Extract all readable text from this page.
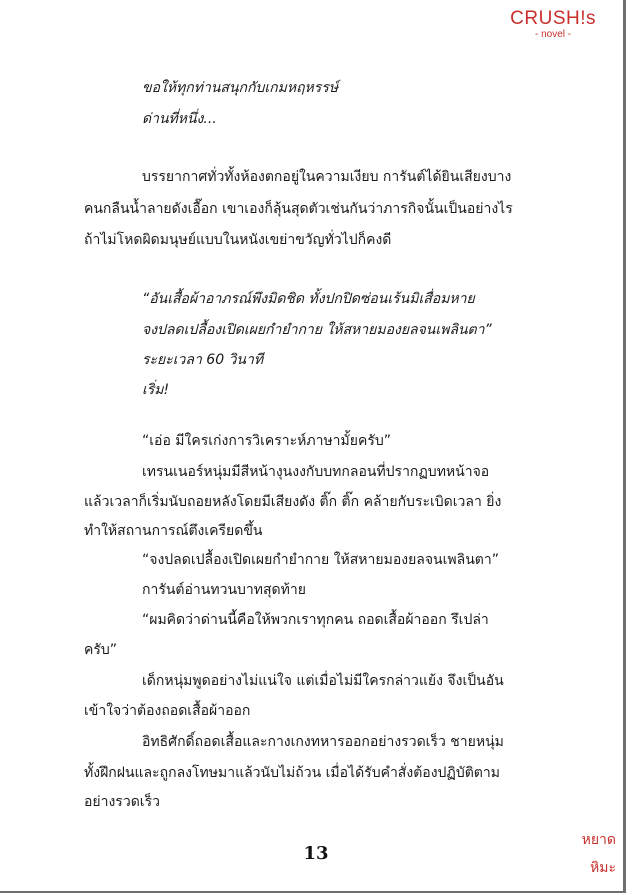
CRUSH!s
- novel -

ขอให้ทุกท่านสนุกกับเกมหฤหรรษ์

ด่านที่หนึ่ง...

บรรยากาศทั่วทั้งห้องตกอยู่ในความเงียบ การันต์ได้ยินเสียงบาง

คนกลืนน้ำลายดังเอื๊อก เขาเองก็ลุ้นสุดตัวเช่นกันว่าภารกิจนั้นเป็นอย่างไร

ถ้าไม่โหดผิดมนุษย์แบบในหนังเขย่าขวัญทั่วไปก็คงดี

“อันเสื้อผ้าอาภรณ์พึงมิดชิด ทั้งปกปิดซ่อนเร้นมิเสื่อมหาย

จงปลดเปลื้องเปิดเผยกำยำกาย ให้สหายมองยลจนเพลินตา”

ระยะเวลา 60 วินาที

เริ่ม!

“เอ่อ มีใครเก่งการวิเคราะห์ภาษามั้ยครับ”

เทรนเนอร์หนุ่มมีสีหน้างุนงงกับบทกลอนที่ปรากฏบทหน้าจอ

แล้วเวลาก็เริ่มนับถอยหลังโดยมีเสียงดัง ติ๊ก ติ๊ก คล้ายกับระเบิดเวลา ยิ่ง

ทำให้สถานการณ์ตึงเครียดขึ้น

“จงปลดเปลื้องเปิดเผยกำยำกาย ให้สหายมองยลจนเพลินตา”

การันต์อ่านทวนบาทสุดท้าย

“ผมคิดว่าด่านนี้คือให้พวกเราทุกคน ถอดเสื้อผ้าออก รึเปล่า

ครับ”

เด็กหนุ่มพูดอย่างไม่แน่ใจ แต่เมื่อไม่มีใครกล่าวแย้ง จึงเป็นอัน

เข้าใจว่าต้องถอดเสื้อผ้าออก

อิทธิศักดิ์ถอดเสื้อและกางเกงทหารออกอย่างรวดเร็ว ชายหนุ่ม

ทั้งฝึกฝนและถูกลงโทษมาแล้วนับไม่ถ้วน เมื่อได้รับคำสั่งต้องปฏิบัติตาม

อย่างรวดเร็ว

13
หยาด
หิมะ
